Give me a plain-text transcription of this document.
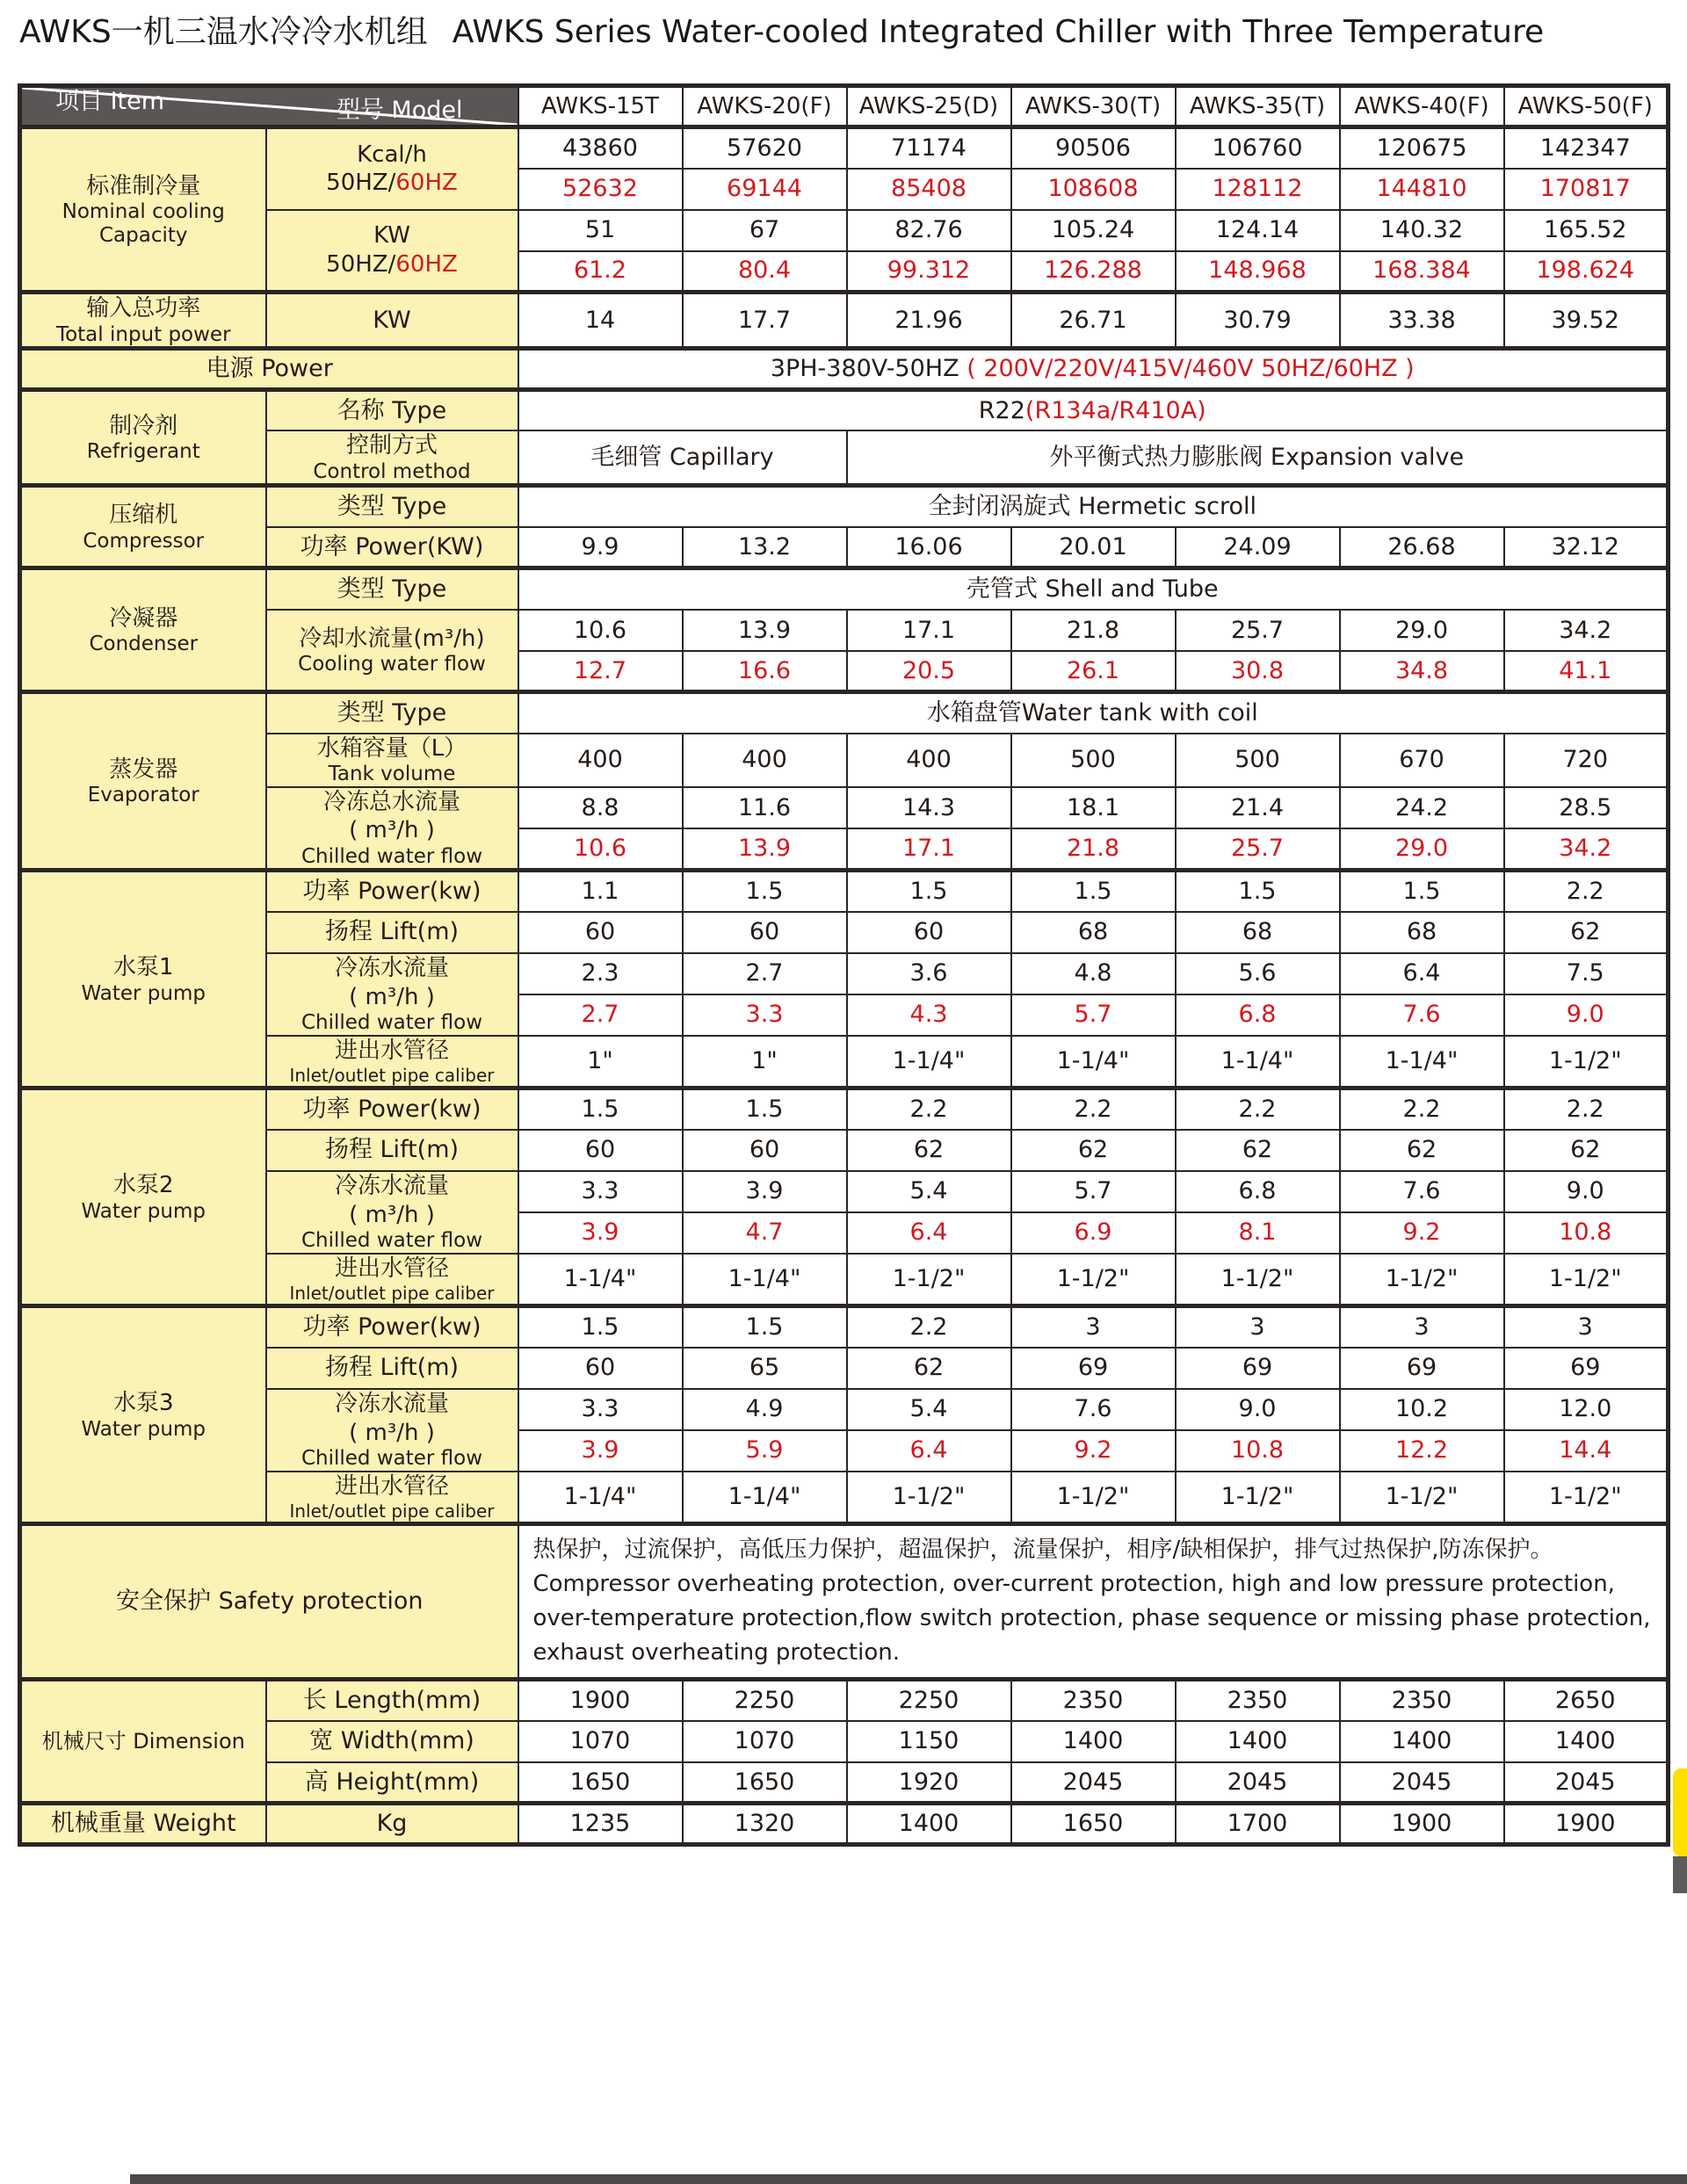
AWKS一机三温水冷冷水机组 AWKS Series Water-cooled Integrated Chiller with Three Temperature
型号 Model
项目 Item		AWKS-15T	AWKS-20(F)	AWKS-25(D)	AWKS-30(T)	AWKS-35(T)	AWKS-40(F)	AWKS-50(F)

标准制冷量
Nominal cooling Capacity	Kcal/h
50HZ/60HZ	43860	57620	71174	90506	106760	120675	142347
		52632	69144	85408	108608	128112	144810	170817

	KW
50HZ/60HZ	51	67	82.76	105.24	124.14	140.32	165.52
		61.2	80.4	99.312	126.288	148.968	168.384	198.624

输入总功率
Total input power	KW	14	17.7	21.96	26.71	30.79	33.38	39.52
电源 Power		3PH-380V-50HZ ( 200V/220V/415V/460V 50HZ/60HZ )						

制冷剂
Refrigerant	名称 Type	R22(R134a/R410A)						

	控制方式
Control method	毛细管 Capillary		外平衡式热力膨胀阀 Expansion valve				

压缩机
Compressor	类型 Type	全封闭涡旋式 Hermetic scroll						
	功率 Power(KW)	9.9	13.2	16.06	20.01	24.09	26.68	32.12

冷凝器
Condenser	类型 Type	壳管式 Shell and Tube						

	冷却水流量(m³/h)
Cooling water flow	10.6	13.9	17.1	21.8	25.7	29.0	34.2
		12.7	16.6	20.5	26.1	30.8	34.8	41.1

蒸发器
Evaporator	类型 Type	水箱盘管Water tank with coil						

	水箱容量（L）
Tank volume	400	400	400	500	500	670	720

	冷冻总水流量
( m³/h )
Chilled water flow	8.8	11.6	14.3	18.1	21.4	24.2	28.5
		10.6	13.9	17.1	21.8	25.7	29.0	34.2

水泵1
Water pump	功率 Power(kw)	1.1	1.5	1.5	1.5	1.5	1.5	2.2
	扬程 Lift(m)	60	60	60	68	68	68	62

	冷冻水流量
( m³/h )
Chilled water flow	2.3	2.7	3.6	4.8	5.6	6.4	7.5
		2.7	3.3	4.3	5.7	6.8	7.6	9.0

	进出水管径
Inlet/outlet pipe caliber	1"	1"	1-1/4"	1-1/4"	1-1/4"	1-1/4"	1-1/2"

水泵2
Water pump	功率 Power(kw)	1.5	1.5	2.2	2.2	2.2	2.2	2.2
	扬程 Lift(m)	60	60	62	62	62	62	62

	冷冻水流量
( m³/h )
Chilled water flow	3.3	3.9	5.4	5.7	6.8	7.6	9.0
		3.9	4.7	6.4	6.9	8.1	9.2	10.8

	进出水管径
Inlet/outlet pipe caliber	1-1/4"	1-1/4"	1-1/2"	1-1/2"	1-1/2"	1-1/2"	1-1/2"

水泵3
Water pump	功率 Power(kw)	1.5	1.5	2.2	3	3	3	3
	扬程 Lift(m)	60	65	62	69	69	69	69

	冷冻水流量
( m³/h )
Chilled water flow	3.3	4.9	5.4	7.6	9.0	10.2	12.0
		3.9	5.9	6.4	9.2	10.8	12.2	14.4

	进出水管径
Inlet/outlet pipe caliber	1-1/4"	1-1/4"	1-1/2"	1-1/2"	1-1/2"	1-1/2"	1-1/2"
安全保护 Safety protection		热保护，过流保护，高低压力保护，超温保护，流量保护，相序/缺相保护，排气过热保护,防冻保护。
Compressor overheating protection, over-current protection, high and low pressure protection, over-temperature protection,flow switch protection, phase sequence or missing phase protection, exhaust overheating protection.						

机械尺寸 Dimension	长 Length(mm)	1900	2250	2250	2350	2350	2350	2650
	宽 Width(mm)	1070	1070	1150	1400	1400	1400	1400
	高 Height(mm)	1650	1650	1920	2045	2045	2045	2045
机械重量 Weight	Kg	1235	1320	1400	1650	1700	1900	1900
